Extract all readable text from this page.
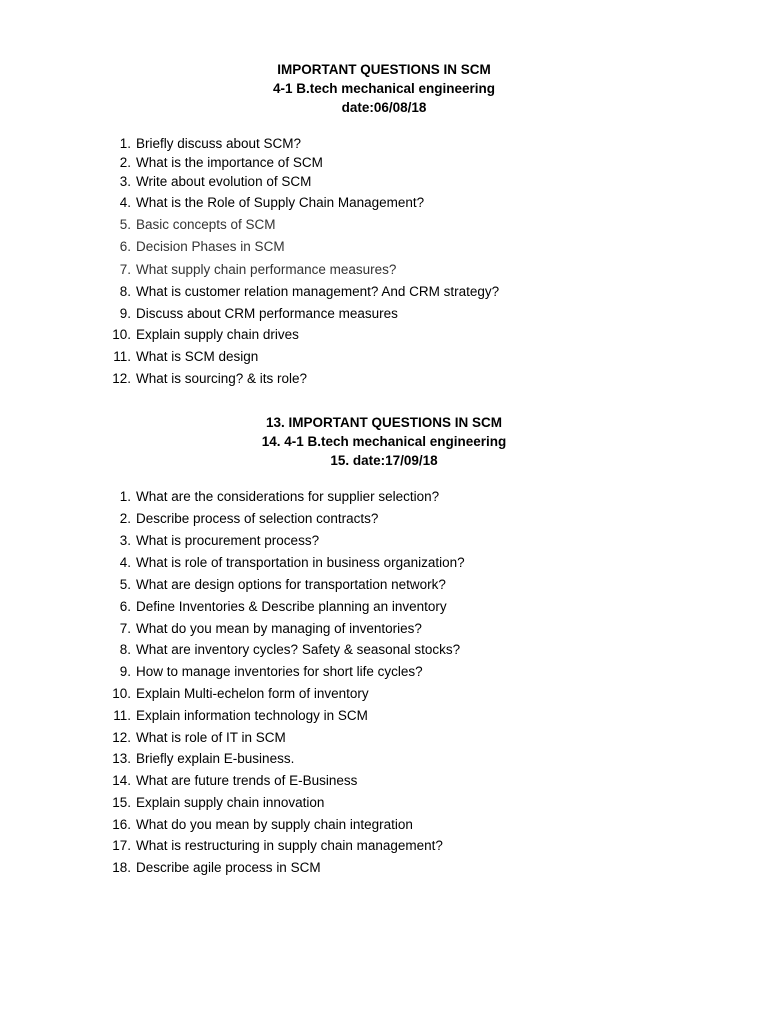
IMPORTANT QUESTIONS IN SCM
4-1 B.tech mechanical engineering
date:06/08/18
1. Briefly discuss about SCM?
2. What is the importance of SCM
3. Write about evolution of SCM
4. What is the Role of Supply Chain Management?
5. Basic concepts of SCM
6. Decision Phases in SCM
7. What supply chain performance measures?
8. What is customer relation management? And CRM strategy?
9. Discuss about CRM performance measures
10. Explain supply chain drives
11. What is SCM design
12. What is sourcing? & its role?
13. IMPORTANT QUESTIONS IN SCM
14. 4-1 B.tech mechanical engineering
15. date:17/09/18
1. What are the considerations for supplier selection?
2. Describe process of selection contracts?
3. What is procurement process?
4. What is role of transportation in business organization?
5. What are design options for transportation network?
6. Define Inventories & Describe planning an inventory
7. What do you mean by managing of inventories?
8. What are inventory cycles? Safety & seasonal stocks?
9. How to manage inventories for short life cycles?
10. Explain Multi-echelon form of inventory
11. Explain information technology in SCM
12. What is role of IT in SCM
13. Briefly explain E-business.
14. What are future trends of E-Business
15. Explain supply chain innovation
16. What do you mean by supply chain integration
17. What is restructuring in supply chain management?
18. Describe agile process in SCM
